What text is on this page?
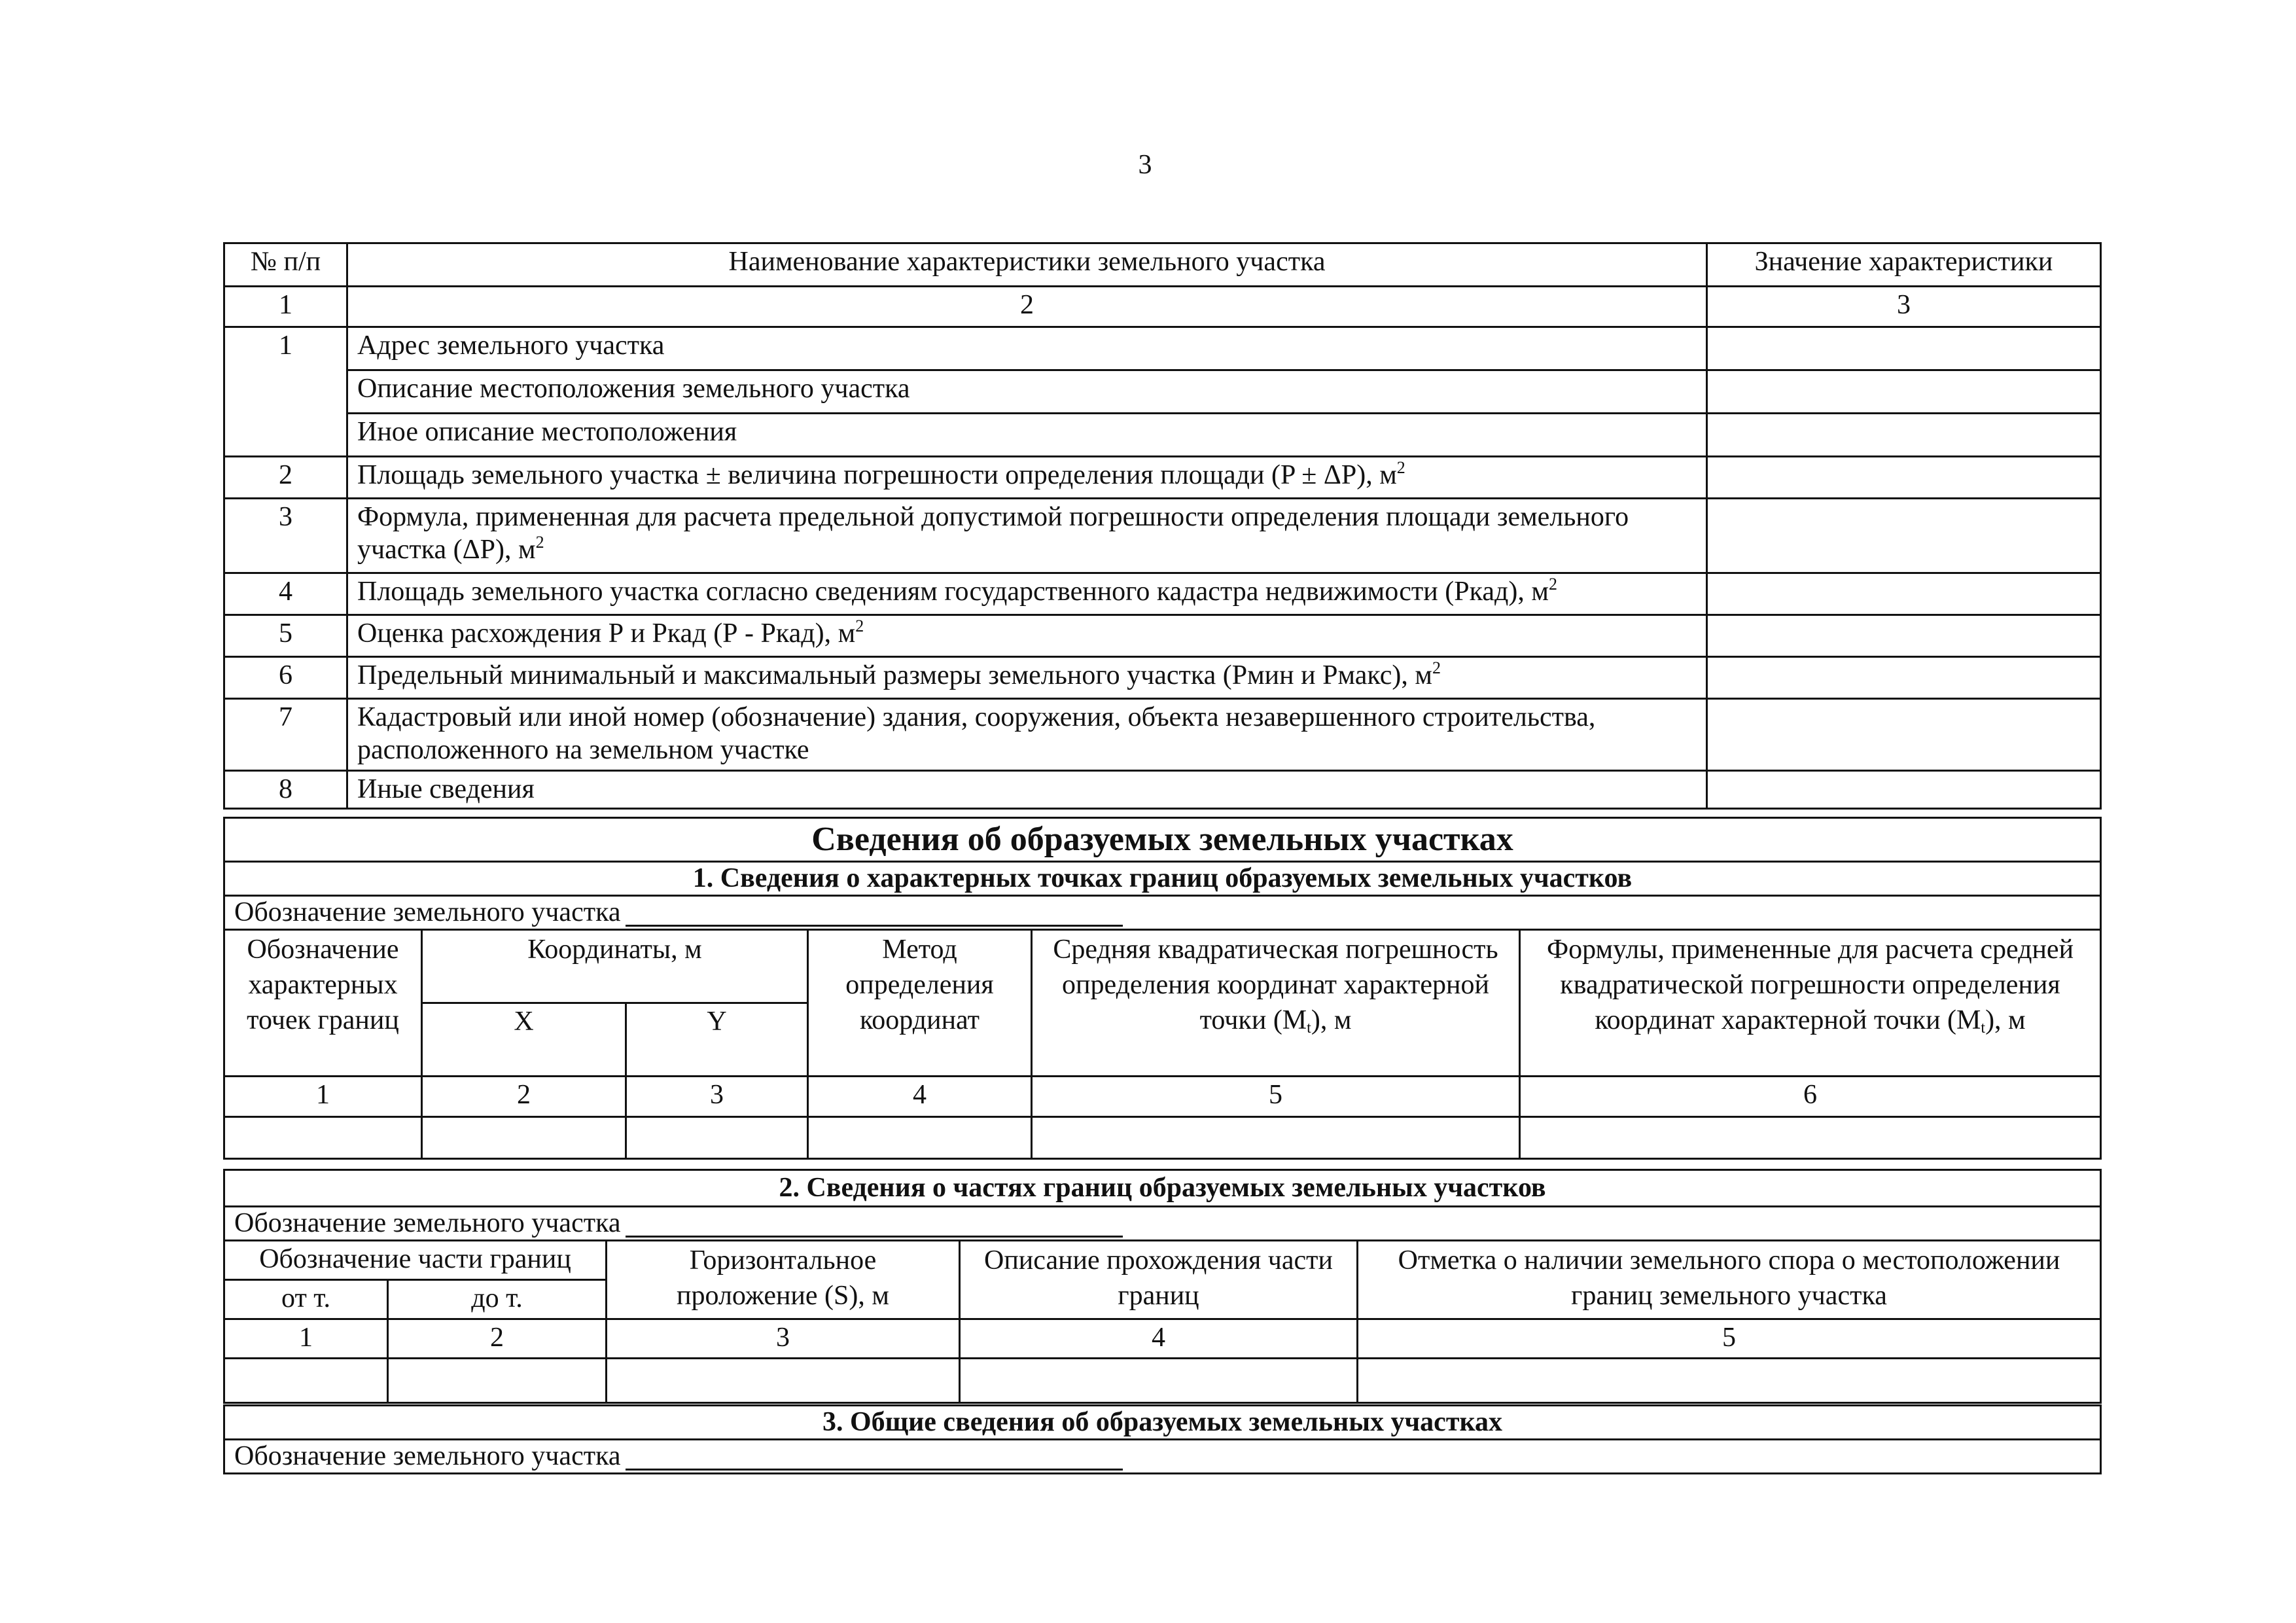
3
№ п/п	Наименование характеристики земельного участка	Значение характеристики
1	2	3
1	Адрес земельного участка	
	Описание местоположения земельного участка	
	Иное описание местоположения	
2	Площадь земельного участка ± величина погрешности определения площади (P ± ΔP), $м^2$	
3	Формула, примененная для расчета предельной допустимой погрешности определения площади земельного участка (ΔP), $м^2$	
4	Площадь земельного участка согласно сведениям государственного кадастра недвижимости (Ркад), $м^2$	
5	Оценка расхождения Р и Ркад (Р - Ркад), $м^2$	
6	Предельный минимальный и максимальный размеры земельного участка (Рмин и Рмакс), $м^2$	
7	Кадастровый или иной номер (обозначение) здания, сооружения, объекта незавершенного строительства, расположенного на земельном участке	
8	Иные сведения	
Сведения об образуемых земельных участках					
1. Сведения о характерных точках границ образуемых земельных участков					
Обозначение земельного участка					
Обозначение характерных точек границ	Координаты, м		Метод определения координат	Средняя квадратическая погрешность определения координат характерной точки $(M_t)$, м	Формулы, примененные для расчета средней квадратической погрешности определения координат характерной точки $(M_t)$, м
	X	Y			
1	2	3	4	5	6

2. Сведения о частях границ образуемых земельных участков				
Обозначение земельного участка				
Обозначение части границ		Горизонтальное проложение (S), м	Описание прохождения части границ	Отметка о наличии земельного спора о местоположении границ земельного участка
от т.	до т.			
1	2	3	4	5

3. Общие сведения об образуемых земельных участках
Обозначение земельного участка
